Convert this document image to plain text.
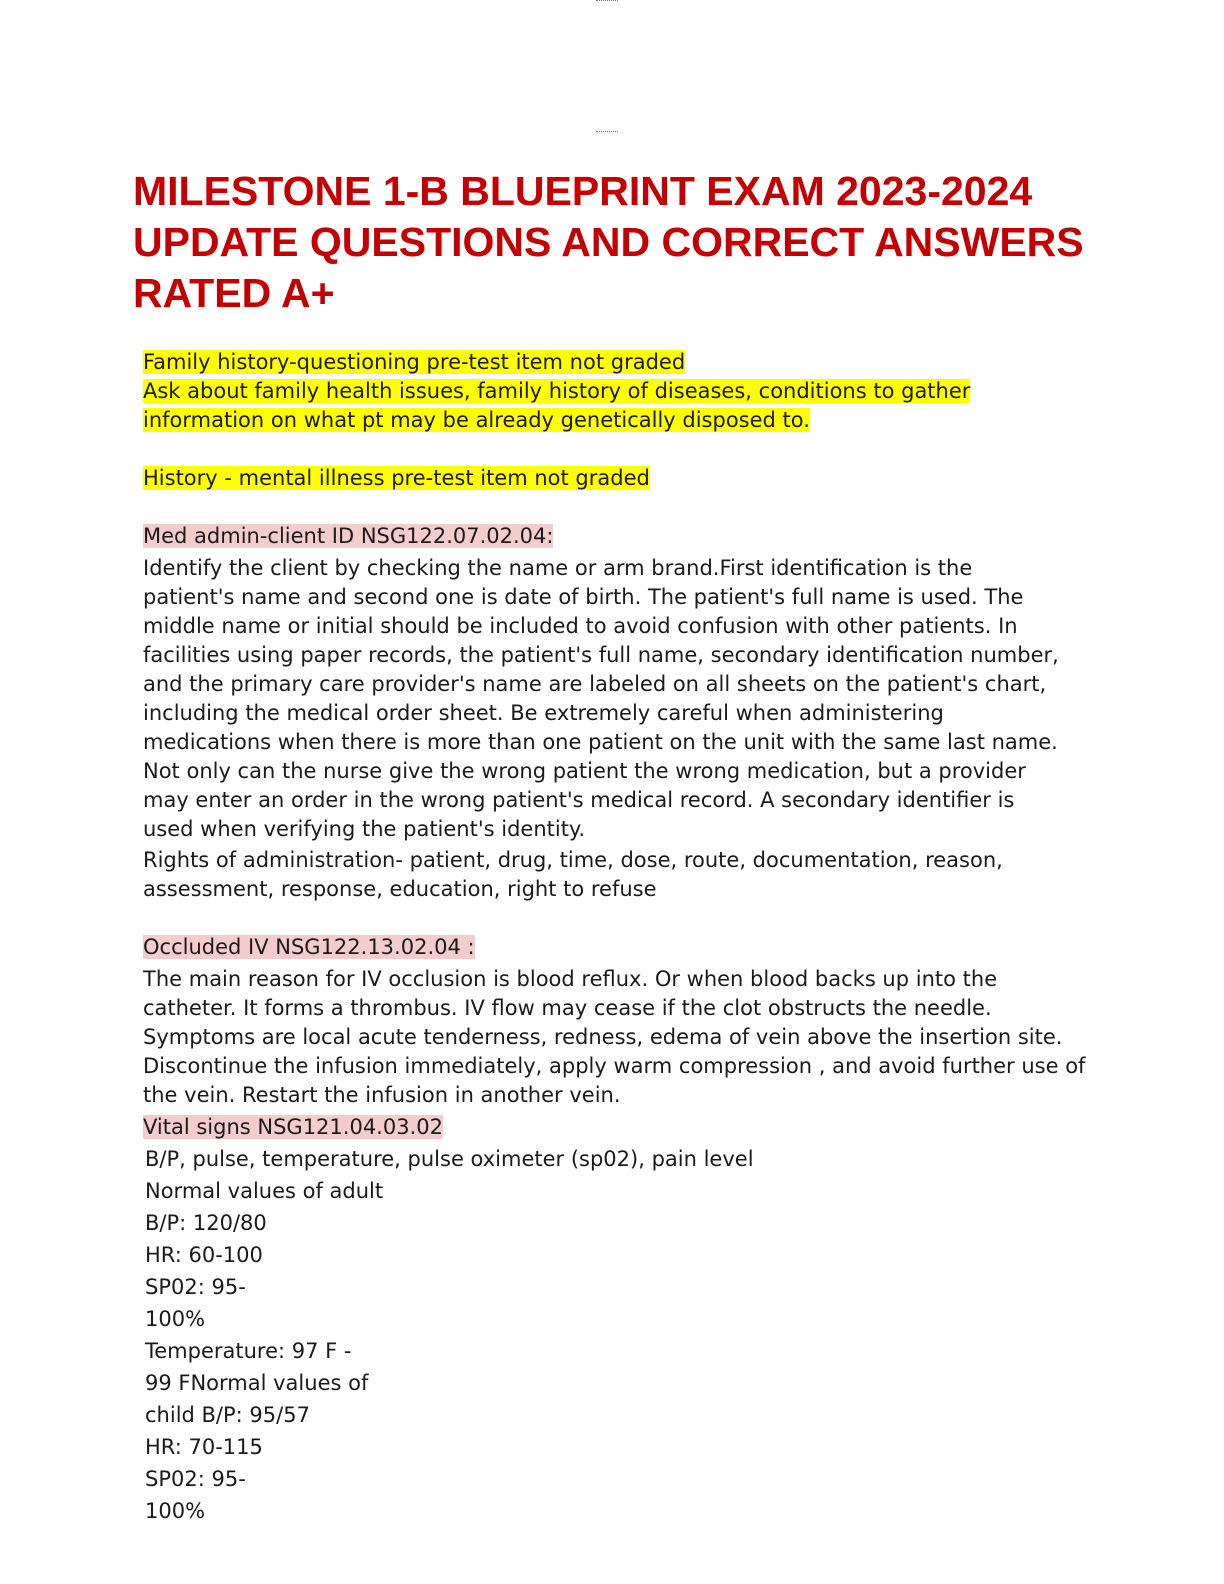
MILESTONE 1-B BLUEPRINT EXAM 2023-2024 UPDATE QUESTIONS AND CORRECT ANSWERS RATED A+
Family history-questioning pre-test item not graded
Ask about family health issues, family history of diseases, conditions to gather
information on what pt may be already genetically disposed to.
History - mental illness pre-test item not graded
Med admin-client ID NSG122.07.02.04:

Identify the client by checking the name or arm brand.First identification is the patient's name and second one is date of birth. The patient's full name is used. The middle name or initial should be included to avoid confusion with other patients. In facilities using paper records, the patient's full name, secondary identification number, and the primary care provider's name are labeled on all sheets on the patient's chart, including the medical order sheet. Be extremely careful when administering medications when there is more than one patient on the unit with the same last name. Not only can the nurse give the wrong patient the wrong medication, but a provider may enter an order in the wrong patient's medical record. A secondary identifier is used when verifying the patient's identity.

Rights of administration- patient, drug, time, dose, route, documentation, reason, assessment, response, education, right to refuse

Occluded IV NSG122.13.02.04 :

The main reason for IV occlusion is blood reflux. Or when blood backs up into the catheter. It forms a thrombus. IV flow may cease if the clot obstructs the needle. Symptoms are local acute tenderness, redness, edema of vein above the insertion site. Discontinue the infusion immediately, apply warm compression , and avoid further use of the vein. Restart the infusion in another vein.

Vital signs NSG121.04.03.02
B/P, pulse, temperature, pulse oximeter (sp02), pain level
Normal values of adult
B/P: 120/80
HR: 60-100
SP02: 95-
100%
Temperature: 97 F -
99 FNormal values of
child B/P: 95/57
HR: 70-115
SP02: 95-
100%
